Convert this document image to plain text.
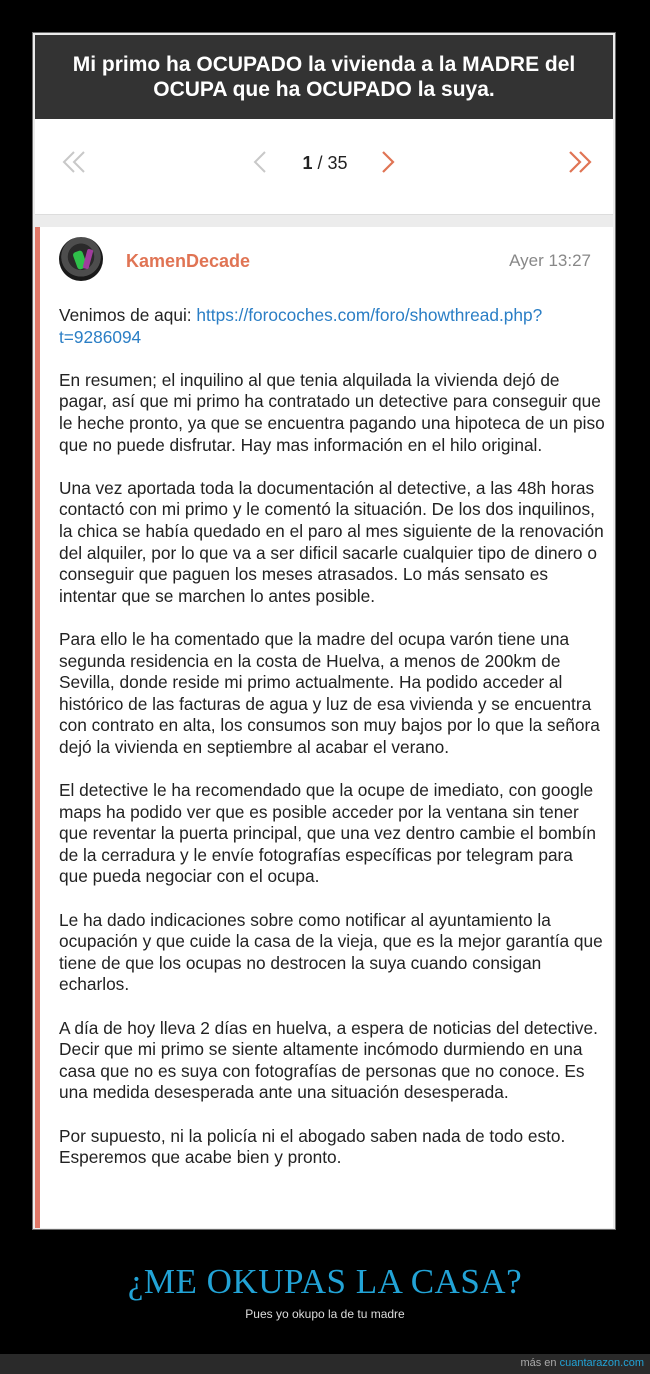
Mi primo ha OCUPADO la vivienda a la MADRE del OCUPA que ha OCUPADO la suya.
1 / 35
KamenDecade	Ayer 13:27

Venimos de aqui: https://forocoches.com/foro/showthread.php?t=9286094

En resumen; el inquilino al que tenia alquilada la vivienda dejó de pagar, así que mi primo ha contratado un detective para conseguir que le heche pronto, ya que se encuentra pagando una hipoteca de un piso que no puede disfrutar. Hay mas información en el hilo original.

Una vez aportada toda la documentación al detective, a las 48h horas contactó con mi primo y le comentó la situación. De los dos inquilinos, la chica se había quedado en el paro al mes siguiente de la renovación del alquiler, por lo que va a ser dificil sacarle cualquier tipo de dinero o conseguir que paguen los meses atrasados. Lo más sensato es intentar que se marchen lo antes posible.

Para ello le ha comentado que la madre del ocupa varón tiene una segunda residencia en la costa de Huelva, a menos de 200km de Sevilla, donde reside mi primo actualmente. Ha podido acceder al histórico de las facturas de agua y luz de esa vivienda y se encuentra con contrato en alta, los consumos son muy bajos por lo que la señora dejó la vivienda en septiembre al acabar el verano.

El detective le ha recomendado que la ocupe de imediato, con google maps ha podido ver que es posible acceder por la ventana sin tener que reventar la puerta principal, que una vez dentro cambie el bombín de la cerradura y le envíe fotografías específicas por telegram para que pueda negociar con el ocupa.

Le ha dado indicaciones sobre como notificar al ayuntamiento la ocupación y que cuide la casa de la vieja, que es la mejor garantía que tiene de que los ocupas no destrocen la suya cuando consigan echarlos.

A día de hoy lleva 2 días en huelva, a espera de noticias del detective. Decir que mi primo se siente altamente incómodo durmiendo en una casa que no es suya con fotografías de personas que no conoce. Es una medida desesperada ante una situación desesperada.

Por supuesto, ni la policía ni el abogado saben nada de todo esto. Esperemos que acabe bien y pronto.

¿ME OKUPAS LA CASA?
Pues yo okupo la de tu madre
más en cuantarazon.com
